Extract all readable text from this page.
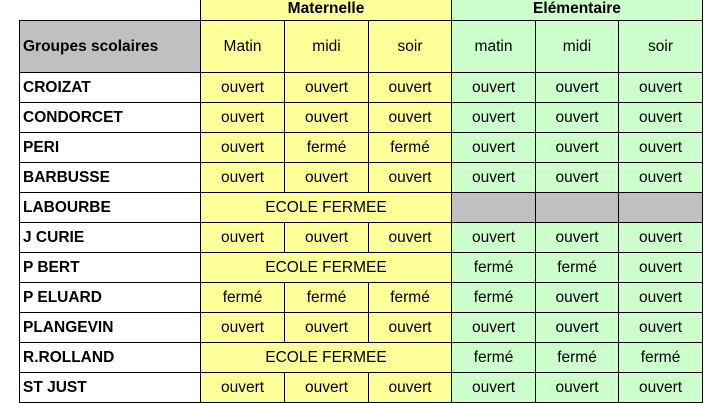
	Maternelle			Elémentaire		
Groupes scolaires	Matin	midi	soir	matin	midi	soir
CROIZAT	ouvert	ouvert	ouvert	ouvert	ouvert	ouvert
CONDORCET	ouvert	ouvert	ouvert	ouvert	ouvert	ouvert
PERI	ouvert	fermé	fermé	ouvert	ouvert	ouvert
BARBUSSE	ouvert	ouvert	ouvert	ouvert	ouvert	ouvert
LABOURBE	ECOLE FERMEE					
J CURIE	ouvert	ouvert	ouvert	ouvert	ouvert	ouvert
P BERT	ECOLE FERMEE			fermé	fermé	ouvert
P ELUARD	fermé	fermé	fermé	fermé	ouvert	ouvert
PLANGEVIN	ouvert	ouvert	ouvert	ouvert	ouvert	ouvert
R.ROLLAND	ECOLE FERMEE			fermé	fermé	fermé
ST JUST	ouvert	ouvert	ouvert	ouvert	ouvert	ouvert
